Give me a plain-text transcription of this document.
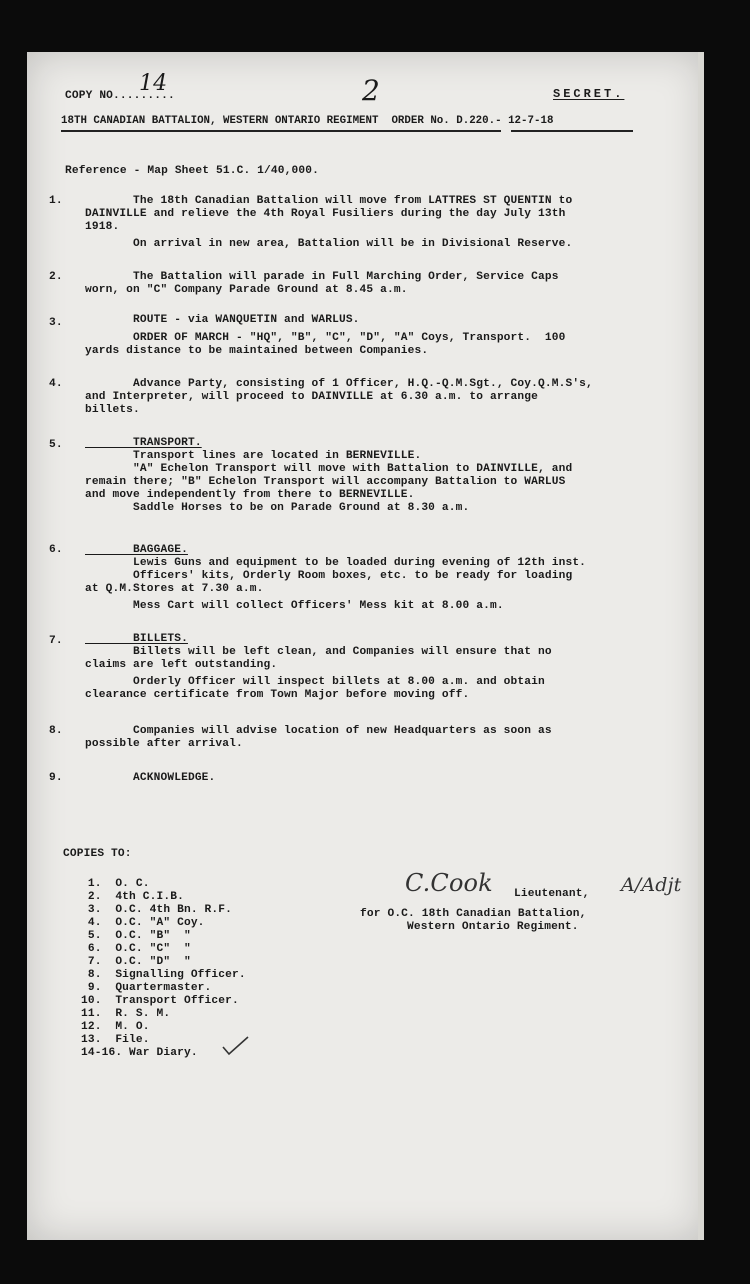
COPY NO.........
14	2	SECRET.
18TH CANADIAN BATTALION, WESTERN ONTARIO REGIMENT  ORDER No. D.220.- 12-7-18
Reference - Map Sheet 51.C. 1/40,000.
1. The 18th Canadian Battalion will move from LATTRES ST QUENTIN to
DAINVILLE and relieve the 4th Royal Fusiliers during the day July 13th
1918.
On arrival in new area, Battalion will be in Divisional Reserve.
2. The Battalion will parade in Full Marching Order, Service Caps
worn, on "C" Company Parade Ground at 8.45 a.m.
3. ROUTE - via WANQUETIN and WARLUS.
ORDER OF MARCH - "HQ", "B", "C", "D", "A" Coys, Transport.  100
yards distance to be maintained between Companies.
4. Advance Party, consisting of 1 Officer, H.Q.-Q.M.Sgt., Coy.Q.M.S's,
and Interpreter, will proceed to DAINVILLE at 6.30 a.m. to arrange
billets.
5. TRANSPORT.
Transport lines are located in BERNEVILLE.
"A" Echelon Transport will move with Battalion to DAINVILLE, and
remain there; "B" Echelon Transport will accompany Battalion to WARLUS
and move independently from there to BERNEVILLE.
Saddle Horses to be on Parade Ground at 8.30 a.m.
6. BAGGAGE.
Lewis Guns and equipment to be loaded during evening of 12th inst.
Officers' kits, Orderly Room boxes, etc. to be ready for loading
at Q.M.Stores at 7.30 a.m.
Mess Cart will collect Officers' Mess kit at 8.00 a.m.
7. BILLETS.
Billets will be left clean, and Companies will ensure that no
claims are left outstanding.
Orderly Officer will inspect billets at 8.00 a.m. and obtain
clearance certificate from Town Major before moving off.
8. Companies will advise location of new Headquarters as soon as
possible after arrival.
9. ACKNOWLEDGE.
COPIES TO:
1.  O. C.
2.  4th C.I.B.
3.  O.C. 4th Bn. R.F.
4.  O.C. "A" Coy.
5.  O.C. "B"  "
6.  O.C. "C"  "
7.  O.C. "D"  "
8.  Signalling Officer.
9.  Quartermaster.
10.  Transport Officer.
11.  R. S. M.
12.  M. O.
13.  File.
14-16. War Diary.
C.Cook	A/Adjt
Lieutenant,
for O.C. 18th Canadian Battalion,
Western Ontario Regiment.
